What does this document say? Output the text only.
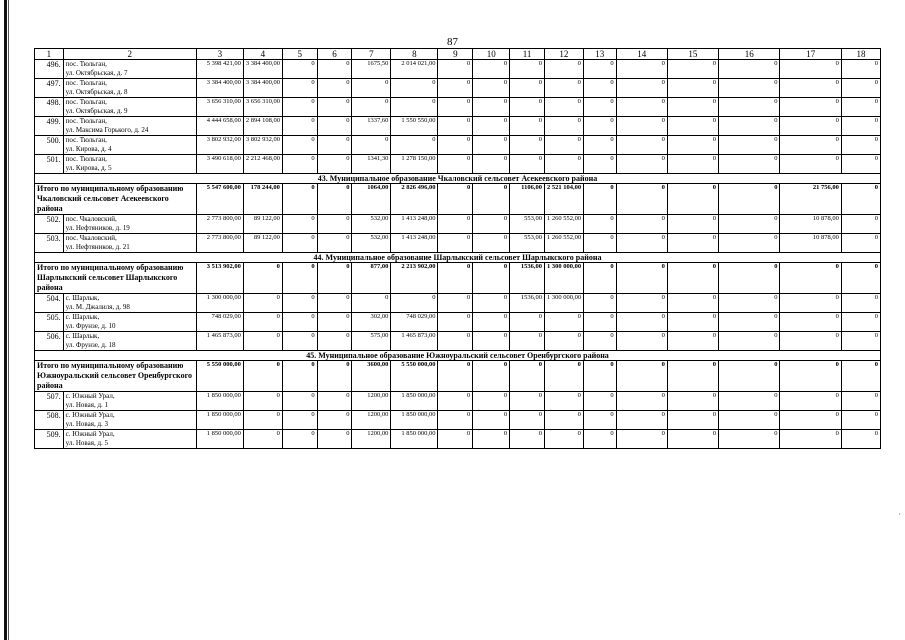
87
1	2	3	4	5	6	7	8	9	10	11	12	13	14	15	16	17	18
496.	пос. Тюльган,
ул. Октябрьская, д. 7	5 398 421,00	3 384 400,00	0	0	1675,50	2 014 021,00	0	0	0	0	0	0	0	0	0	0
497.	пос. Тюльган,
ул. Октябрьская, д. 8	3 384 400,00	3 384 400,00	0	0	0	0	0	0	0	0	0	0	0	0	0	0
498.	пос. Тюльган,
ул. Октябрьская, д. 9	3 656 310,00	3 656 310,00	0	0	0	0	0	0	0	0	0	0	0	0	0	0
499.	пос. Тюльган,
ул. Максима Горького, д. 24	4 444 658,00	2 894 108,00	0	0	1337,60	1 550 550,00	0	0	0	0	0	0	0	0	0	0
500.	пос. Тюльган,
ул. Кирова, д. 4	3 802 932,00	3 802 932,00	0	0	0	0	0	0	0	0	0	0	0	0	0	0
501.	пос. Тюльган,
ул. Кирова, д. 5	3 490 618,00	2 212 468,00	0	0	1341,30	1 278 150,00	0	0	0	0	0	0	0	0	0	0
43. Муниципальное образование Чкаловский сельсовет Асекеевского района																	
Итого по муниципальному образованию Чкаловский сельсовет Асекеевского района		5 547 600,00	178 244,00	0	0	1064,00	2 826 496,00	0	0	1106,00	2 521 104,00	0	0	0	0	21 756,00	0
502.	пос. Чкаловский,
ул. Нефтяников, д. 19	2 773 800,00	89 122,00	0	0	532,00	1 413 248,00	0	0	553,00	1 260 552,00	0	0	0	0	10 878,00	0
503.	пос. Чкаловский,
ул. Нефтяников, д. 21	2 773 800,00	89 122,00	0	0	532,00	1 413 248,00	0	0	553,00	1 260 552,00	0	0	0	0	10 878,00	0
44. Муниципальное образование Шарлыкский сельсовет Шарлыкского района																	
Итого по муниципальному образованию Шарлыкский сельсовет Шарлыкского района		3 513 902,00	0	0	0	877,00	2 213 902,00	0	0	1536,00	1 300 000,00	0	0	0	0	0	0
504.	с. Шарлык,
ул. М. Джалиля, д. 98	1 300 000,00	0	0	0	0	0	0	0	1536,00	1 300 000,00	0	0	0	0	0	0
505.	с. Шарлык,
ул. Фрунзе, д. 10	748 029,00	0	0	0	302,00	748 029,00	0	0	0	0	0	0	0	0	0	0
506.	с. Шарлык,
ул. Фрунзе, д. 18	1 465 873,00	0	0	0	575,00	1 465 873,00	0	0	0	0	0	0	0	0	0	0
45. Муниципальное образование Южноуральский сельсовет Оренбургского района																	
Итого по муниципальному образованию Южноуральский сельсовет Оренбургского района		5 550 000,00	0	0	0	3600,00	5 550 000,00	0	0	0	0	0	0	0	0	0	0
507.	с. Южный Урал,
ул. Новая, д. 1	1 850 000,00	0	0	0	1200,00	1 850 000,00	0	0	0	0	0	0	0	0	0	0
508.	с. Южный Урал,
ул. Новая, д. 3	1 850 000,00	0	0	0	1200,00	1 850 000,00	0	0	0	0	0	0	0	0	0	0
509.	с. Южный Урал,
ул. Новая, д. 5	1 850 000,00	0	0	0	1200,00	1 850 000,00	0	0	0	0	0	0	0	0	0	0
·
